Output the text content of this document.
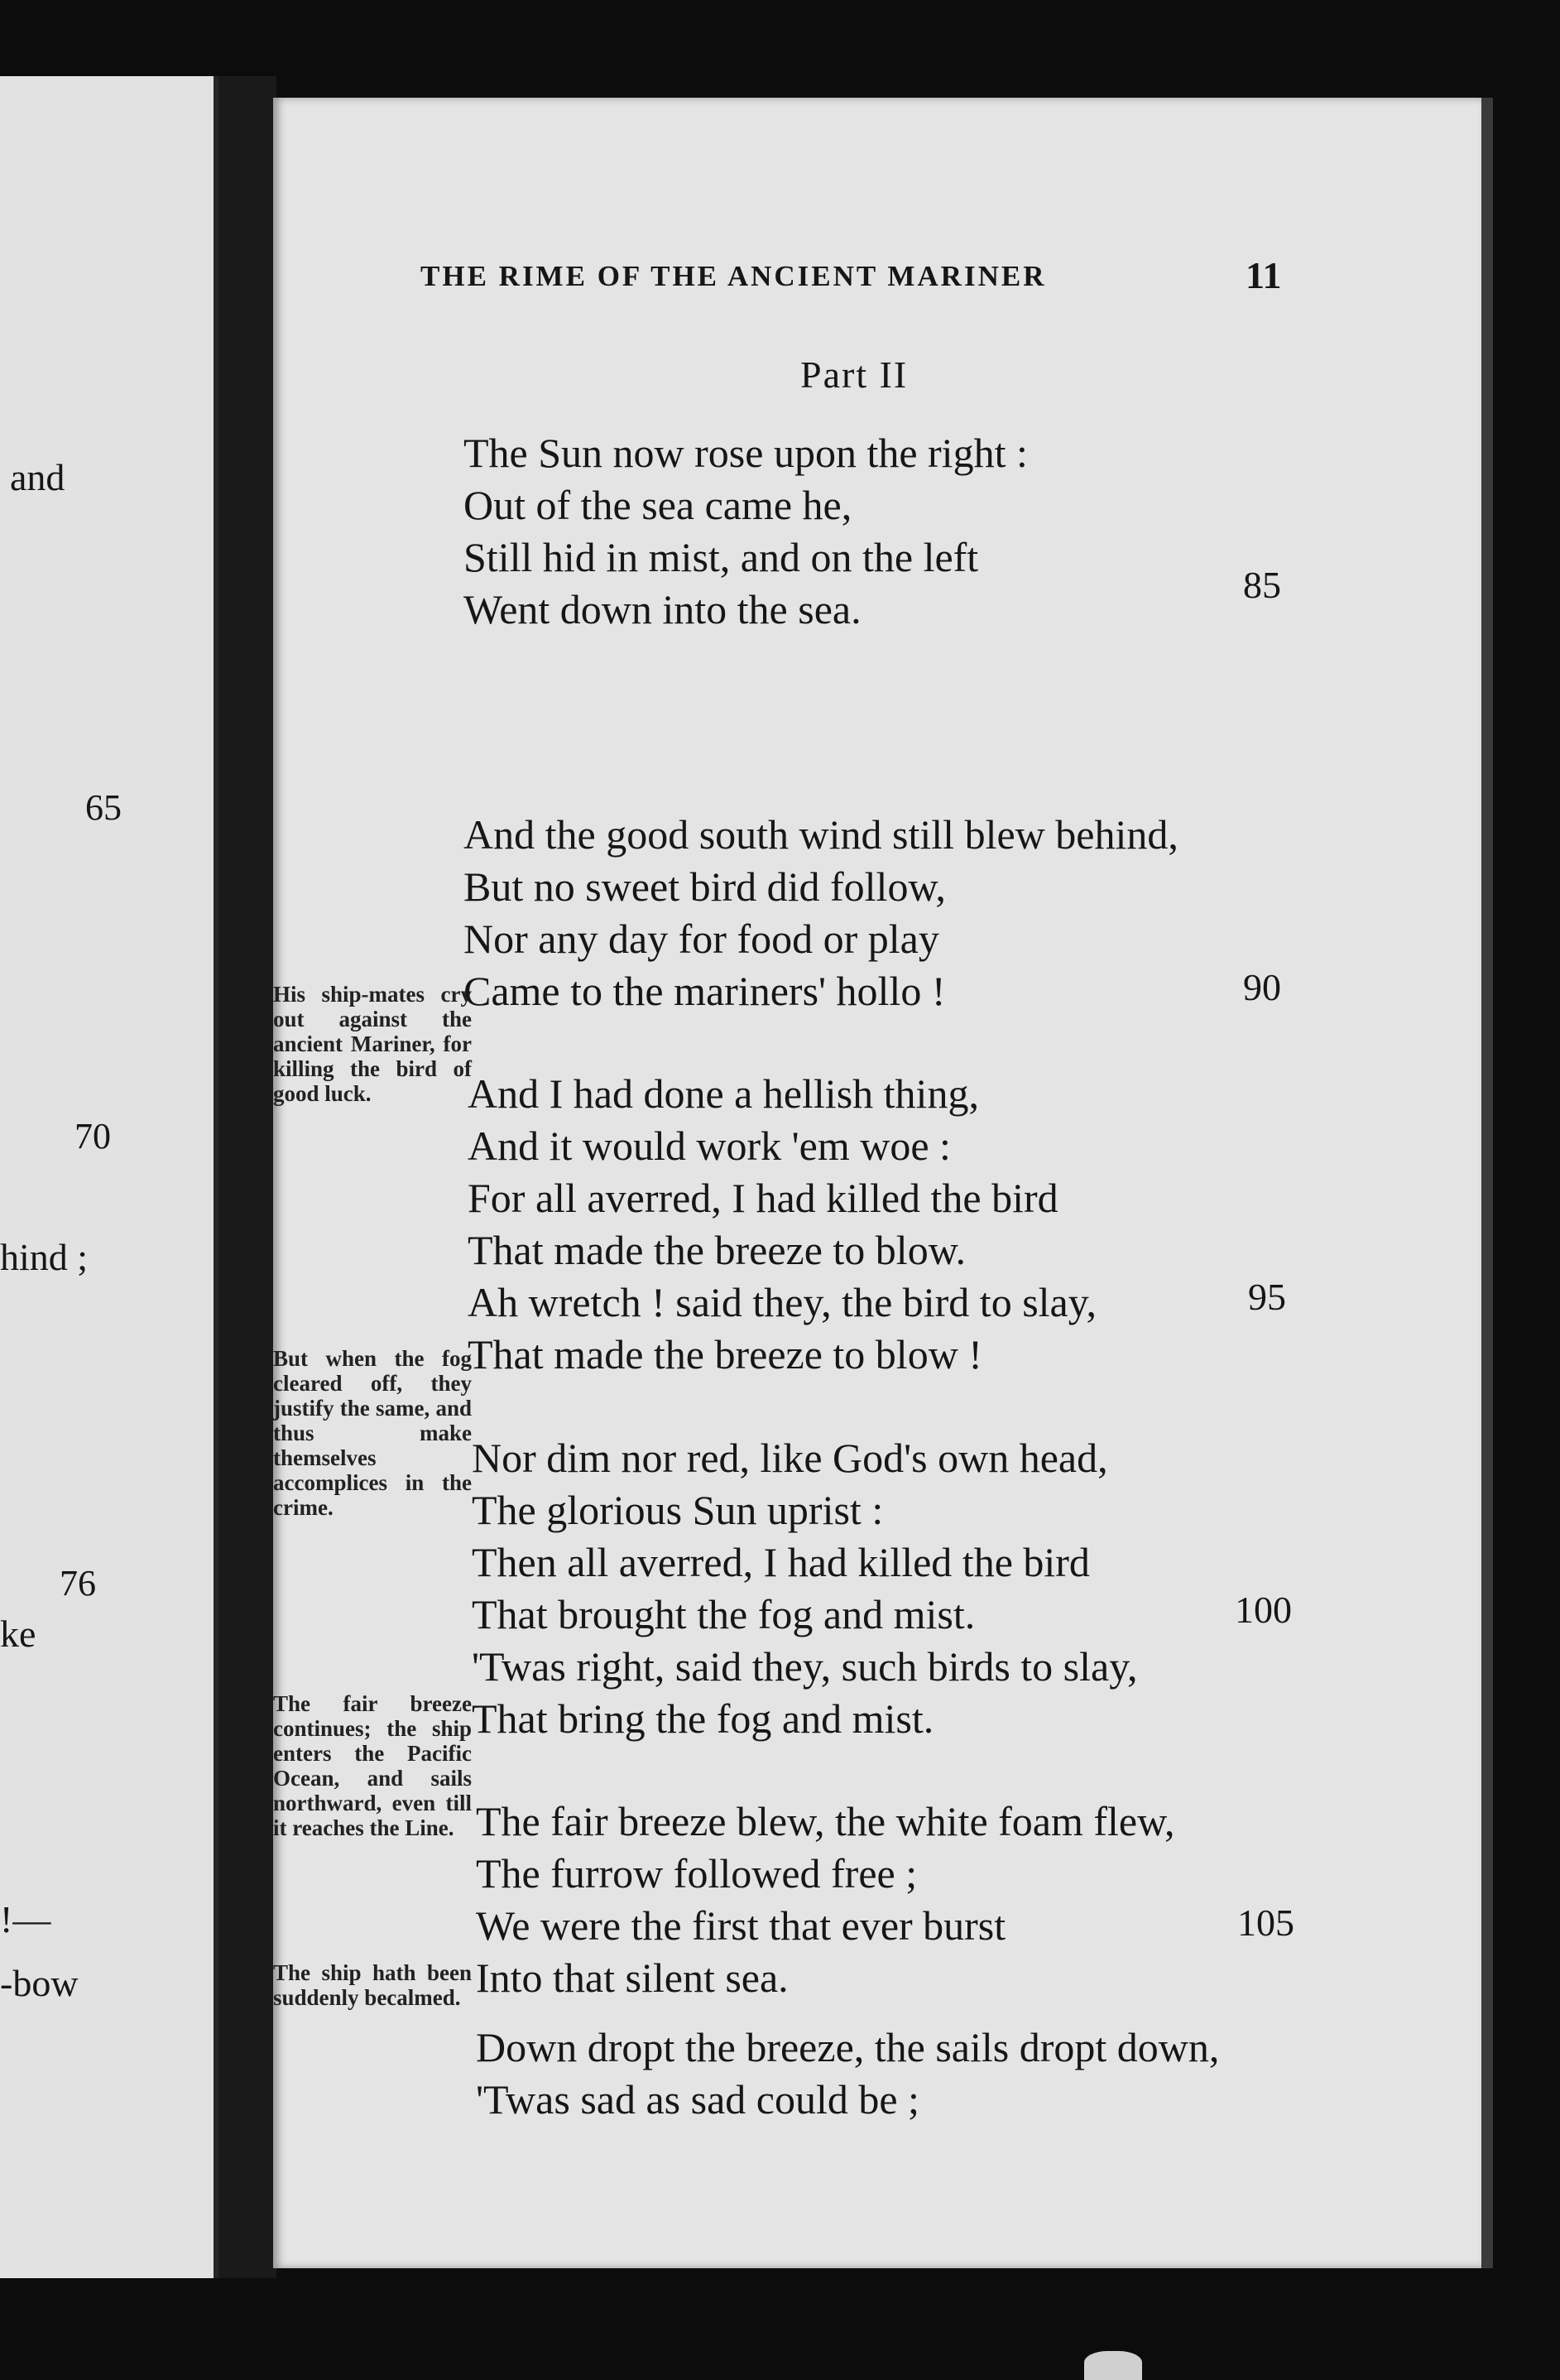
and
65
70
hind ;
76
ke
!—
-bow
THE RIME OF THE ANCIENT MARINER	11
Part II
The Sun now rose upon the right :
Out of the sea came he,
Still hid in mist, and on the left
Went down into the sea.
85
And the good south wind still blew behind,
But no sweet bird did follow,
Nor any day for food or play
Came to the mariners' hollo !	90
His ship-mates cry out against the ancient Mariner, for killing the bird of good luck.	And I had done a hellish thing,
And it would work 'em woe :
For all averred, I had killed the bird
That made the breeze to blow.
Ah wretch ! said they, the bird to slay,
That made the breeze to blow !
95
But when the fog cleared off, they justify the same, and thus make themselves accomplices in the crime.
Nor dim nor red, like God's own head,
The glorious Sun uprist :
Then all averred, I had killed the bird
That brought the fog and mist.
'Twas right, said they, such birds to slay,
That bring the fog and mist.
100
The fair breeze continues; the ship enters the Pacific Ocean, and sails northward, even till it reaches the Line. The fair breeze blew, the white foam flew,
The furrow followed free ;
We were the first that ever burst
Into that silent sea.
105
The ship hath been suddenly becalmed.
Down dropt the breeze, the sails dropt down,
'Twas sad as sad could be ;
